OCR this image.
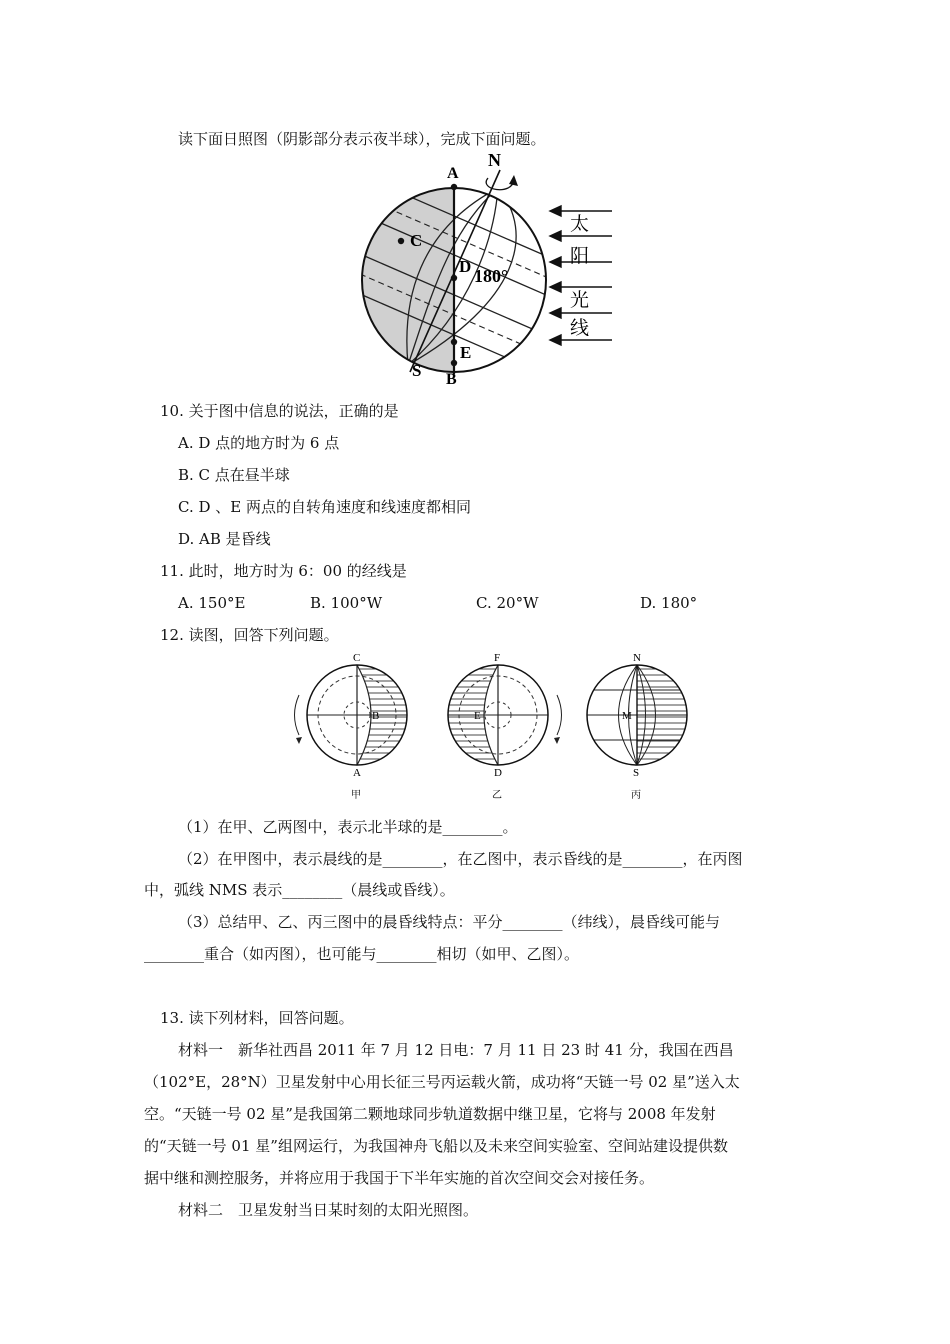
读下面日照图（阴影部分表示夜半球），完成下面问题。
N
S
A
B
C
D
E
180°
太
阳
光
线
10. 关于图中信息的说法，正确的是
A. D 点的地方时为 6 点
B. C 点在昼半球
C. D 、E 两点的自转角速度和线速度都相同
D. AB 是昏线
11. 此时，地方时为 6：00 的经线是
A. 150°E	B. 100°W	C. 20°W	D. 180°
12. 读图，回答下列问题。
C
B
A
甲
F
E
D
乙
N
M
S
丙
（1）在甲、乙两图中，表示北半球的是________。
（2）在甲图中，表示晨线的是________，在乙图中，表示昏线的是________，在丙图
中，弧线 NMS 表示________（晨线或昏线）。
（3）总结甲、乙、丙三图中的晨昏线特点：平分________（纬线），晨昏线可能与
________重合（如丙图），也可能与________相切（如甲、乙图）。
13. 读下列材料，回答问题。
材料一　新华社西昌 2011 年 7 月 12 日电：7 月 11 日 23 时 41 分，我国在西昌
（102°E，28°N）卫星发射中心用长征三号丙运载火箭，成功将“天链一号 02 星”送入太
空。“天链一号 02 星”是我国第二颗地球同步轨道数据中继卫星，它将与 2008 年发射
的“天链一号 01 星”组网运行，为我国神舟飞船以及未来空间实验室、空间站建设提供数
据中继和测控服务，并将应用于我国于下半年实施的首次空间交会对接任务。
材料二　卫星发射当日某时刻的太阳光照图。
